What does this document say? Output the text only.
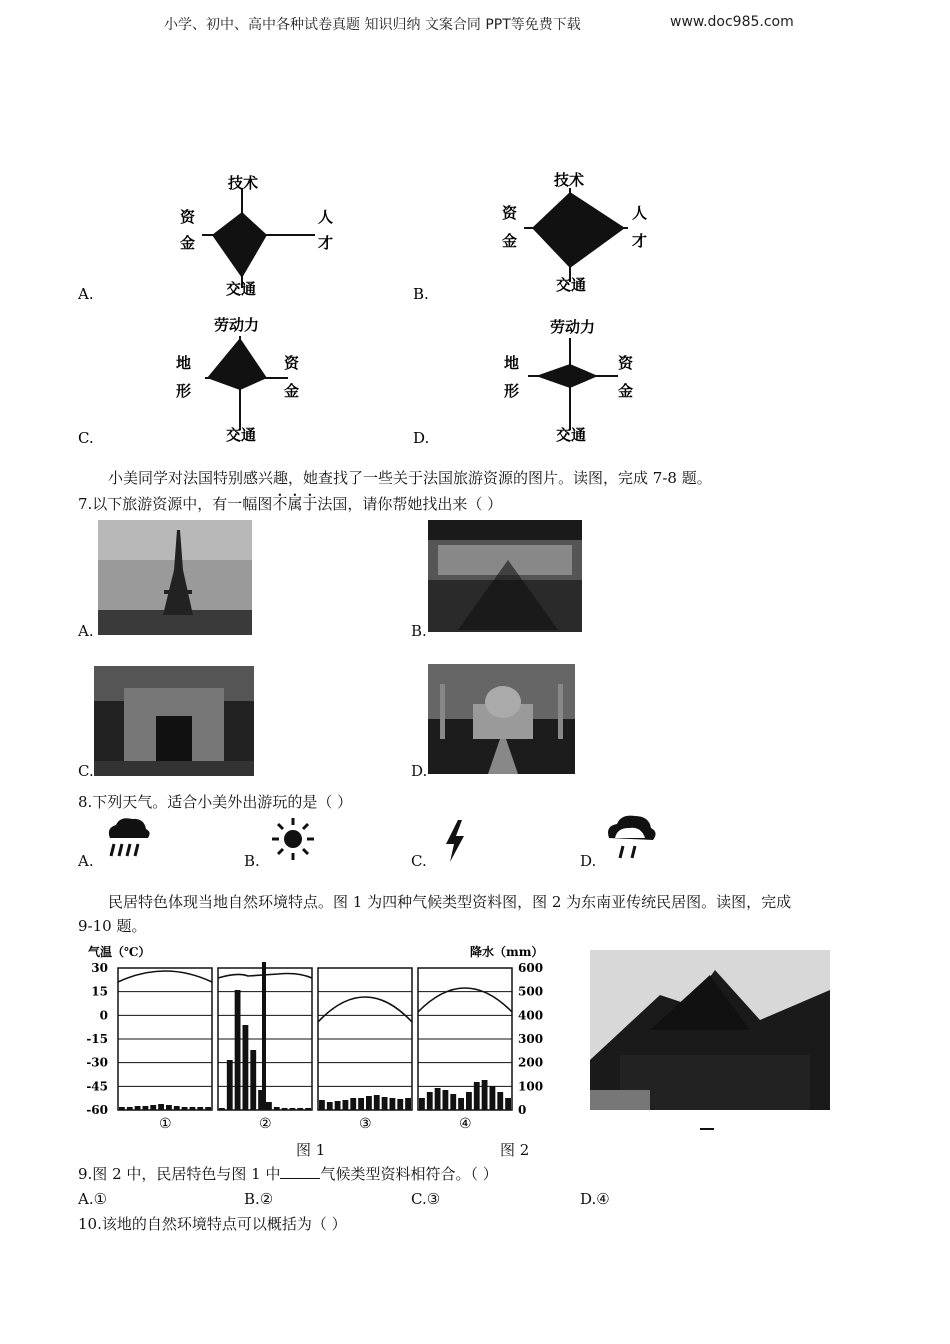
小学、初中、高中各种试卷真题 知识归纳 文案合同 PPT等免费下载	www.doc985.com
技术
资
金
人
才
交通
A.
技术
资
金
人
才
交通
B.
劳动力
地
形
资
金
交通
C.
劳动力
地
形
资
金
交通
D.
小美同学对法国特别感兴趣，她查找了一些关于法国旅游资源的图片。读图，完成 7-8 题。
7.以下旅游资源中，有一幅图不属于法国，请你帮她找出来（ ）
A.	B.
C.	D.
8.下列天气。适合小美外出游玩的是（ ）
A.	B.	C.	D.
民居特色体现当地自然环境特点。图 1 为四种气候类型资料图，图 2 为东南亚传统民居图。读图，完成
9-10 题。
气温（℃）	降水（mm）
30
15
0
-15
-30
-45
-60
600
500
400
300
200
100
0
①	②	③	④
图 1	图 2
9.图 2 中，民居特色与图 1 中	气候类型资料相符合。（ ）
A.①	B.②	C.③	D.④
10.该地的自然环境特点可以概括为（ ）
